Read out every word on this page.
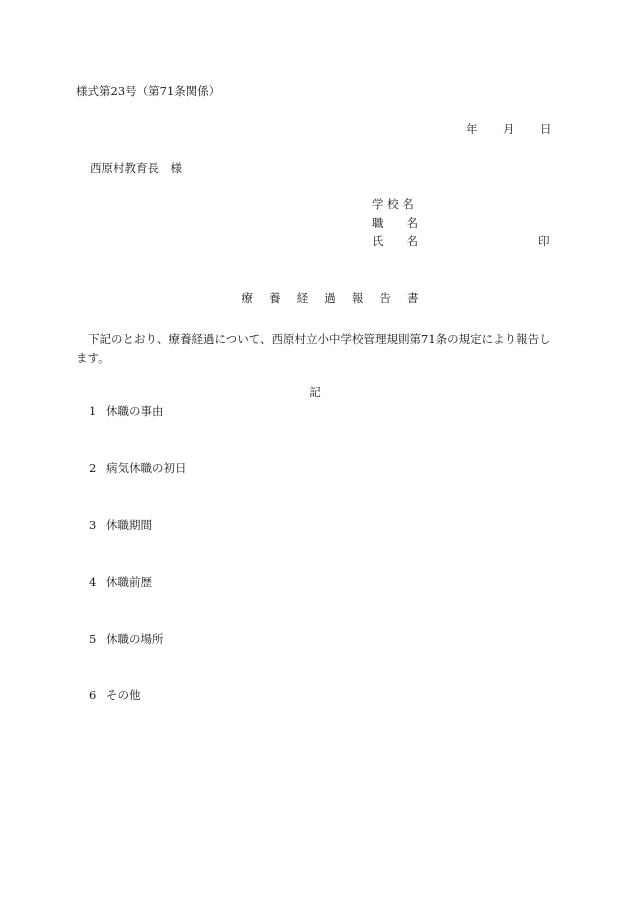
様式第23号（第71条関係）
年 月 日
西原村教育長　様
学 校 名
職　　名
氏　　名	印
療養経過報告書
下記のとおり、療養経過について、西原村立小中学校管理規則第71条の規定により報告します。
記
1 休職の事由
2 病気休職の初日
3 休職期間
4 休職前歴
5 休職の場所
6 その他
